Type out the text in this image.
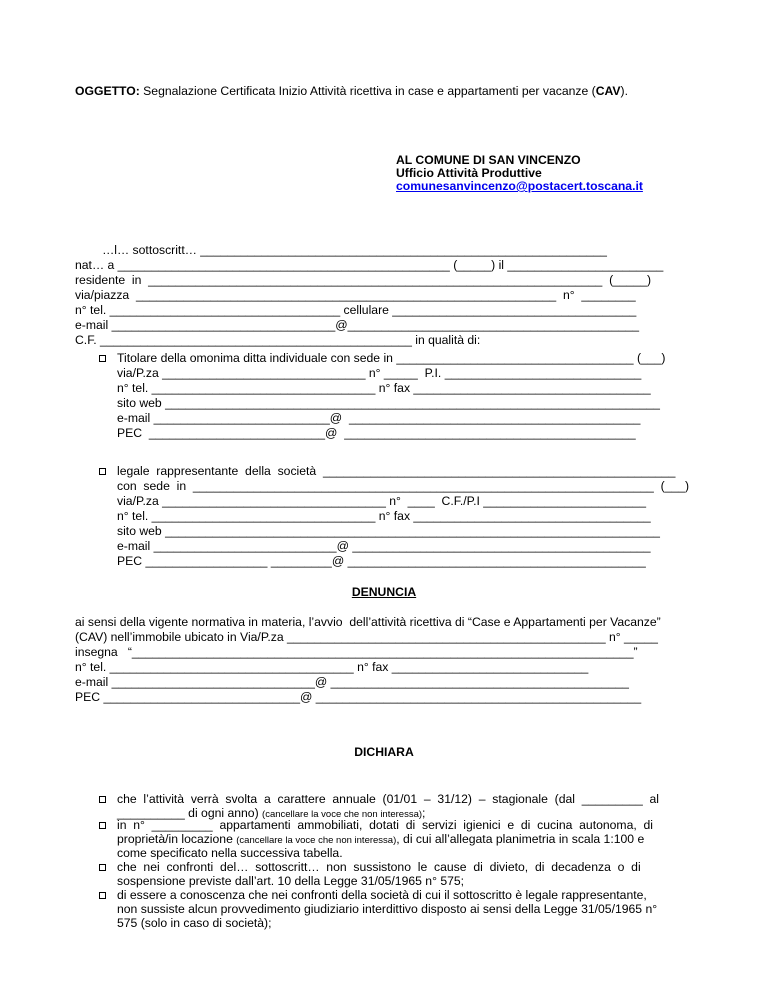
OGGETTO: Segnalazione Certificata Inizio Attività ricettiva in case e appartamenti per vacanze (CAV).
AL COMUNE DI SAN VINCENZO
Ufficio Attività Produttive
comunesanvincenzo@postacert.toscana.it
…l… sottoscritt… ____________________________________________________________
nat… a _________________________________________________ (_____) il _______________________
residente  in  ___________________________________________________________________  (_____)
via/piazza  ______________________________________________________________  n°  ________
n° tel. __________________________________ cellulare ____________________________________
e-mail _________________________________@___________________________________________
C.F. ______________________________________________ in qualità di:
Titolare della omonima ditta individuale con sede in ___________________________________ (___)
via/P.za ______________________________ n° _____  P.I. _____________________________
n° tel. _________________________________ n° fax ___________________________________
sito web _________________________________________________________________________
e-mail __________________________@  ___________________________________________
PEC  __________________________@  ___________________________________________
legale  rappresentante  della  società  ____________________________________________________
con  sede  in  ____________________________________________________________________  (___)
via/P.za _________________________________ n°  ____  C.F./P.I ________________________
n° tel. _________________________________ n° fax ___________________________________
sito web _________________________________________________________________________
e-mail ___________________________@ ____________________________________________
PEC __________________ _________@ ____________________________________________
DENUNCIA
ai sensi della vigente normativa in materia, l’avvio  dell’attività ricettiva di “Case e Appartamenti per Vacanze”
(CAV) nell’immobile ubicato in Via/P.za _______________________________________________ n° _____
insegna   “__________________________________________________________________________”
n° tel. ____________________________________ n° fax _____________________________
e-mail ______________________________@ ____________________________________________
PEC _____________________________@ ________________________________________________
DICHIARA
che  l’attività  verrà  svolta  a  carattere  annuale  (01/01  –  31/12)  –  stagionale  (dal  _________  al
__________ di ogni anno) (cancellare la voce che non interessa);
in  n°  _________  appartamenti  ammobiliati,  dotati  di  servizi  igienici  e  di  cucina  autonoma,  di
proprietà/in locazione (cancellare la voce che non interessa), di cui all’allegata planimetria in scala 1:100 e
come specificato nella successiva tabella.
che  nei  confronti  del…  sottoscritt…  non  sussistono  le  cause  di  divieto,  di  decadenza  o  di
sospensione previste dall’art. 10 della Legge 31/05/1965 n° 575;
di essere a conoscenza che nei confronti della società di cui il sottoscritto è legale rappresentante,
non sussiste alcun provvedimento giudiziario interdittivo disposto ai sensi della Legge 31/05/1965 n°
575 (solo in caso di società);
